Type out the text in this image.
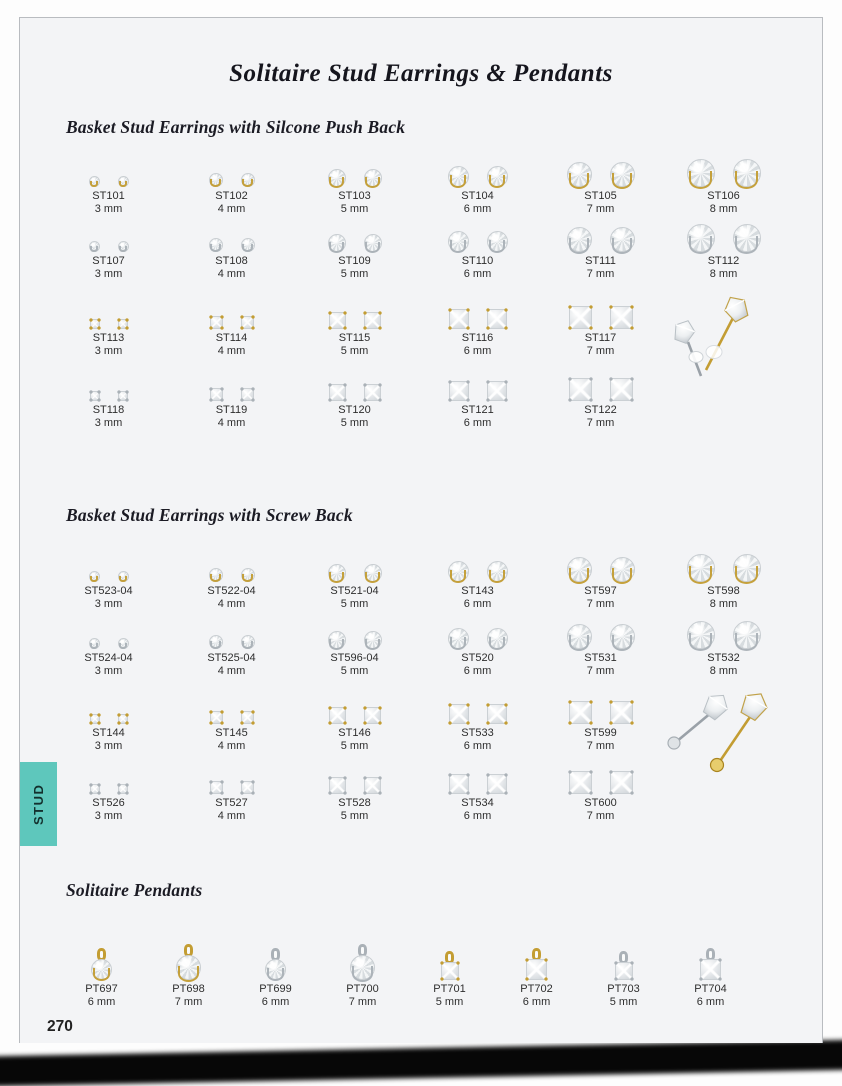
Solitaire Stud Earrings & Pendants
Basket Stud Earrings with Silcone Push Back
Basket Stud Earrings with Screw Back
Solitaire Pendants
270
ST101
3 mm
ST102
4 mm
ST103
5 mm
ST104
6 mm
ST105
7 mm
ST106
8 mm
ST107
3 mm
ST108
4 mm
ST109
5 mm
ST110
6 mm
ST111
7 mm
ST112
8 mm
ST113
3 mm
ST114
4 mm
ST115
5 mm
ST116
6 mm
ST117
7 mm
ST118
3 mm
ST119
4 mm
ST120
5 mm
ST121
6 mm
ST122
7 mm
ST523-04
3 mm
ST522-04
4 mm
ST521-04
5 mm
ST143
6 mm
ST597
7 mm
ST598
8 mm
ST524-04
3 mm
ST525-04
4 mm
ST596-04
5 mm
ST520
6 mm
ST531
7 mm
ST532
8 mm
ST144
3 mm
ST145
4 mm
ST146
5 mm
ST533
6 mm
ST599
7 mm
ST526
3 mm
ST527
4 mm
ST528
5 mm
ST534
6 mm
ST600
7 mm
PT697
6 mm
PT698
7 mm
PT699
6 mm
PT700
7 mm
PT701
5 mm
PT702
6 mm
PT703
5 mm
PT704
6 mm
STUD
